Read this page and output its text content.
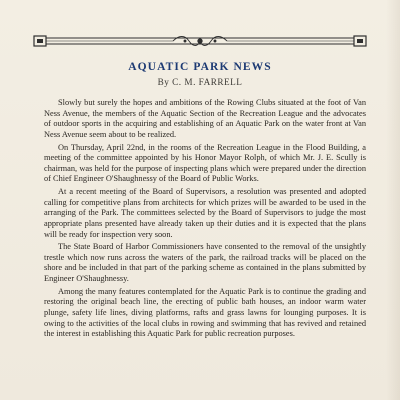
AQUATIC PARK NEWS
By C. M. FARRELL

Slowly but surely the hopes and ambitions of the Rowing Clubs situated at the foot of Van Ness Avenue, the members of the Aquatic Section of the Recreation League and the advocates of outdoor sports in the acquiring and establishing of an Aquatic Park on the water front at Van Ness Avenue seem about to be realized.

On Thursday, April 22nd, in the rooms of the Recreation League in the Flood Building, a meeting of the committee appointed by his Honor Mayor Rolph, of which Mr. J. E. Scully is chairman, was held for the purpose of inspecting plans which were prepared under the direction of Chief Engineer O'Shaughnessy of the Board of Public Works.

At a recent meeting of the Board of Supervisors, a resolution was presented and adopted calling for competitive plans from architects for which prizes will be awarded to be used in the arranging of the Park. The committees selected by the Board of Supervisors to judge the most appropriate plans presented have already taken up their duties and it is expected that the plans will be ready for inspection very soon.

The State Board of Harbor Commissioners have consented to the removal of the unsightly trestle which now runs across the waters of the park, the railroad tracks will be placed on the shore and be included in that part of the parking scheme as contained in the plans submitted by Engineer O'Shaughnessy.

Among the many features contemplated for the Aquatic Park is to continue the grading and restoring the original beach line, the erecting of public bath houses, an indoor warm water plunge, safety life lines, diving platforms, rafts and grass lawns for lounging purposes. It is owing to the activities of the local clubs in rowing and swimming that has revived and retained the interest in establishing this Aquatic Park for public recreation purposes.
